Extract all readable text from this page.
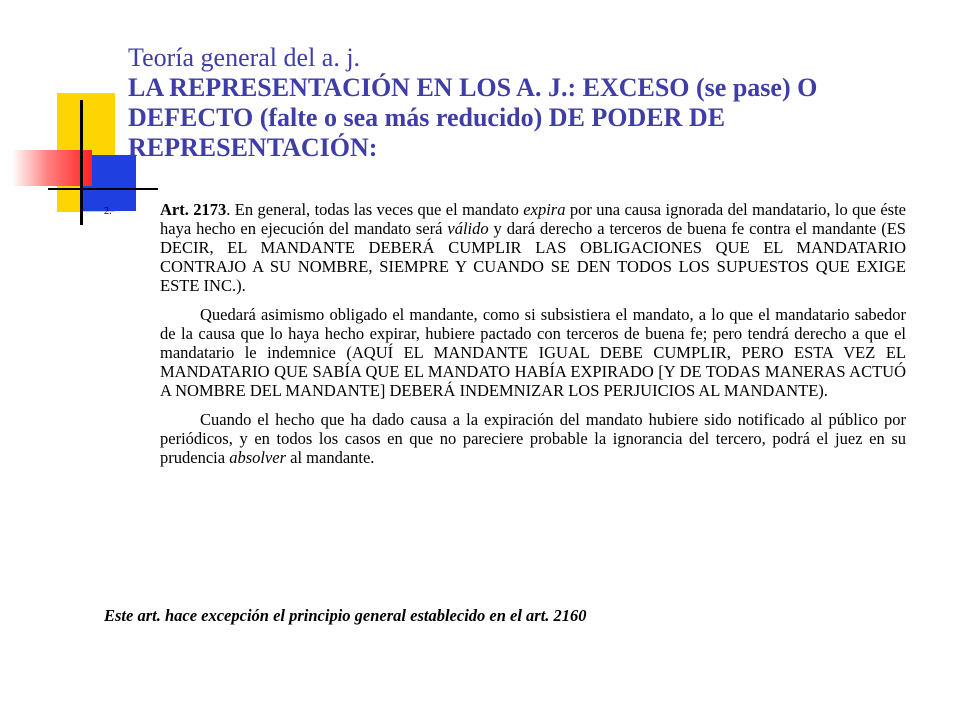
Teoría general del a. j.
LA REPRESENTACIÓN EN LOS A. J.: EXCESO (se pase) O DEFECTO (falte o sea más reducido) DE PODER DE REPRESENTACIÓN:
2.	Art. 2173. En general, todas las veces que el mandato expira por una causa ignorada del mandatario, lo que éste haya hecho en ejecución del mandato será válido y dará derecho a terceros de buena fe contra el mandante (ES DECIR, EL MANDANTE DEBERÁ CUMPLIR LAS OBLIGACIONES QUE EL MANDATARIO CONTRAJO A SU NOMBRE, SIEMPRE Y CUANDO SE DEN TODOS LOS SUPUESTOS QUE EXIGE ESTE INC.).

Quedará asimismo obligado el mandante, como si subsistiera el mandato, a lo que el mandatario sabedor de la causa que lo haya hecho expirar, hubiere pactado con terceros de buena fe; pero tendrá derecho a que el mandatario le indemnice (AQUÍ EL MANDANTE IGUAL DEBE CUMPLIR, PERO ESTA VEZ EL MANDATARIO QUE SABÍA QUE EL MANDATO HABÍA EXPIRADO [Y DE TODAS MANERAS ACTUÓ A NOMBRE DEL MANDANTE] DEBERÁ INDEMNIZAR LOS PERJUICIOS AL MANDANTE).

Cuando el hecho que ha dado causa a la expiración del mandato hubiere sido notificado al público por periódicos, y en todos los casos en que no pareciere probable la ignorancia del tercero, podrá el juez en su prudencia absolver al mandante.

Este art. hace excepción el principio general establecido en el art. 2160
